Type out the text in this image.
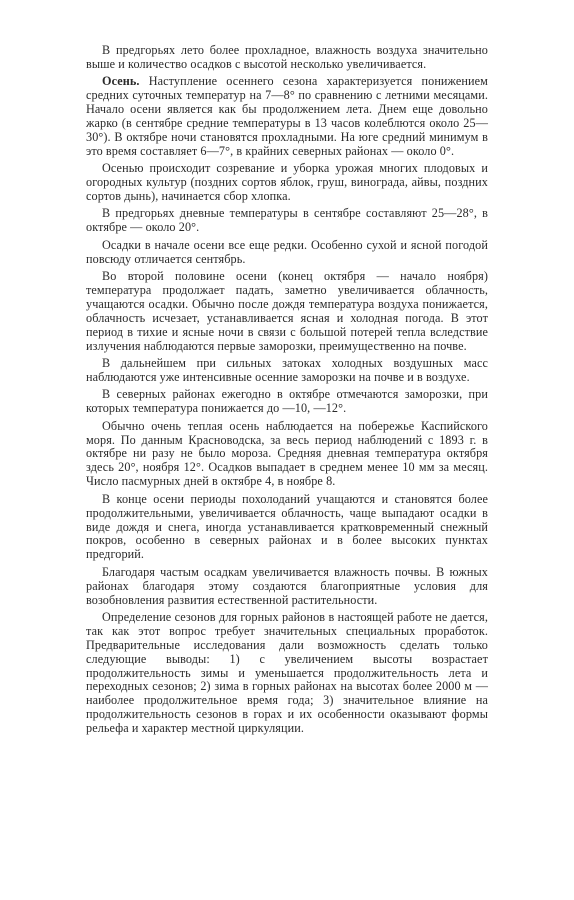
В предгорьях лето более прохладное, влажность воздуха значительно выше и количество осадков с высотой несколько увеличивается.

Осень. Наступление осеннего сезона характеризуется понижением средних суточных температур на 7—8° по сравнению с летними месяцами. Начало осени является как бы продолжением лета. Днем еще довольно жарко (в сентябре средние температуры в 13 часов колеблются около 25—30°). В октябре ночи становятся прохладными. На юге средний минимум в это время составляет 6—7°, в крайних северных районах — около 0°.

Осенью происходит созревание и уборка урожая многих плодовых и огородных культур (поздних сортов яблок, груш, винограда, айвы, поздних сортов дынь), начинается сбор хлопка.

В предгорьях дневные температуры в сентябре составляют 25—28°, в октябре — около 20°.

Осадки в начале осени все еще редки. Особенно сухой и ясной погодой повсюду отличается сентябрь.

Во второй половине осени (конец октября — начало ноября) температура продолжает падать, заметно увеличивается облачность, учащаются осадки. Обычно после дождя температура воздуха понижается, облачность исчезает, устанавливается ясная и холодная погода. В этот период в тихие и ясные ночи в связи с большой потерей тепла вследствие излучения наблюдаются первые заморозки, преимущественно на почве.

В дальнейшем при сильных затоках холодных воздушных масс наблюдаются уже интенсивные осенние заморозки на почве и в воздухе.

В северных районах ежегодно в октябре отмечаются заморозки, при которых температура понижается до —10, —12°.

Обычно очень теплая осень наблюдается на побережье Каспийского моря. По данным Красноводска, за весь период наблюдений с 1893 г. в октябре ни разу не было мороза. Средняя дневная температура октября здесь 20°, ноября 12°. Осадков выпадает в среднем менее 10 мм за месяц. Число пасмурных дней в октябре 4, в ноябре 8.

В конце осени периоды похолоданий учащаются и становятся более продолжительными, увеличивается облачность, чаще выпадают осадки в виде дождя и снега, иногда устанавливается кратковременный снежный покров, особенно в северных районах и в более высоких пунктах предгорий.

Благодаря частым осадкам увеличивается влажность почвы. В южных районах благодаря этому создаются благоприятные условия для возобновления развития естественной растительности.

Определение сезонов для горных районов в настоящей работе не дается, так как этот вопрос требует значительных специальных проработок. Предварительные исследования дали возможность сделать только следующие выводы: 1) с увеличением высоты возрастает продолжительность зимы и уменьшается продолжительность лета и переходных сезонов; 2) зима в горных районах на высотах более 2000 м — наиболее продолжительное время года; 3) значительное влияние на продолжительность сезонов в горах и их особенности оказывают формы рельефа и характер местной циркуляции.
